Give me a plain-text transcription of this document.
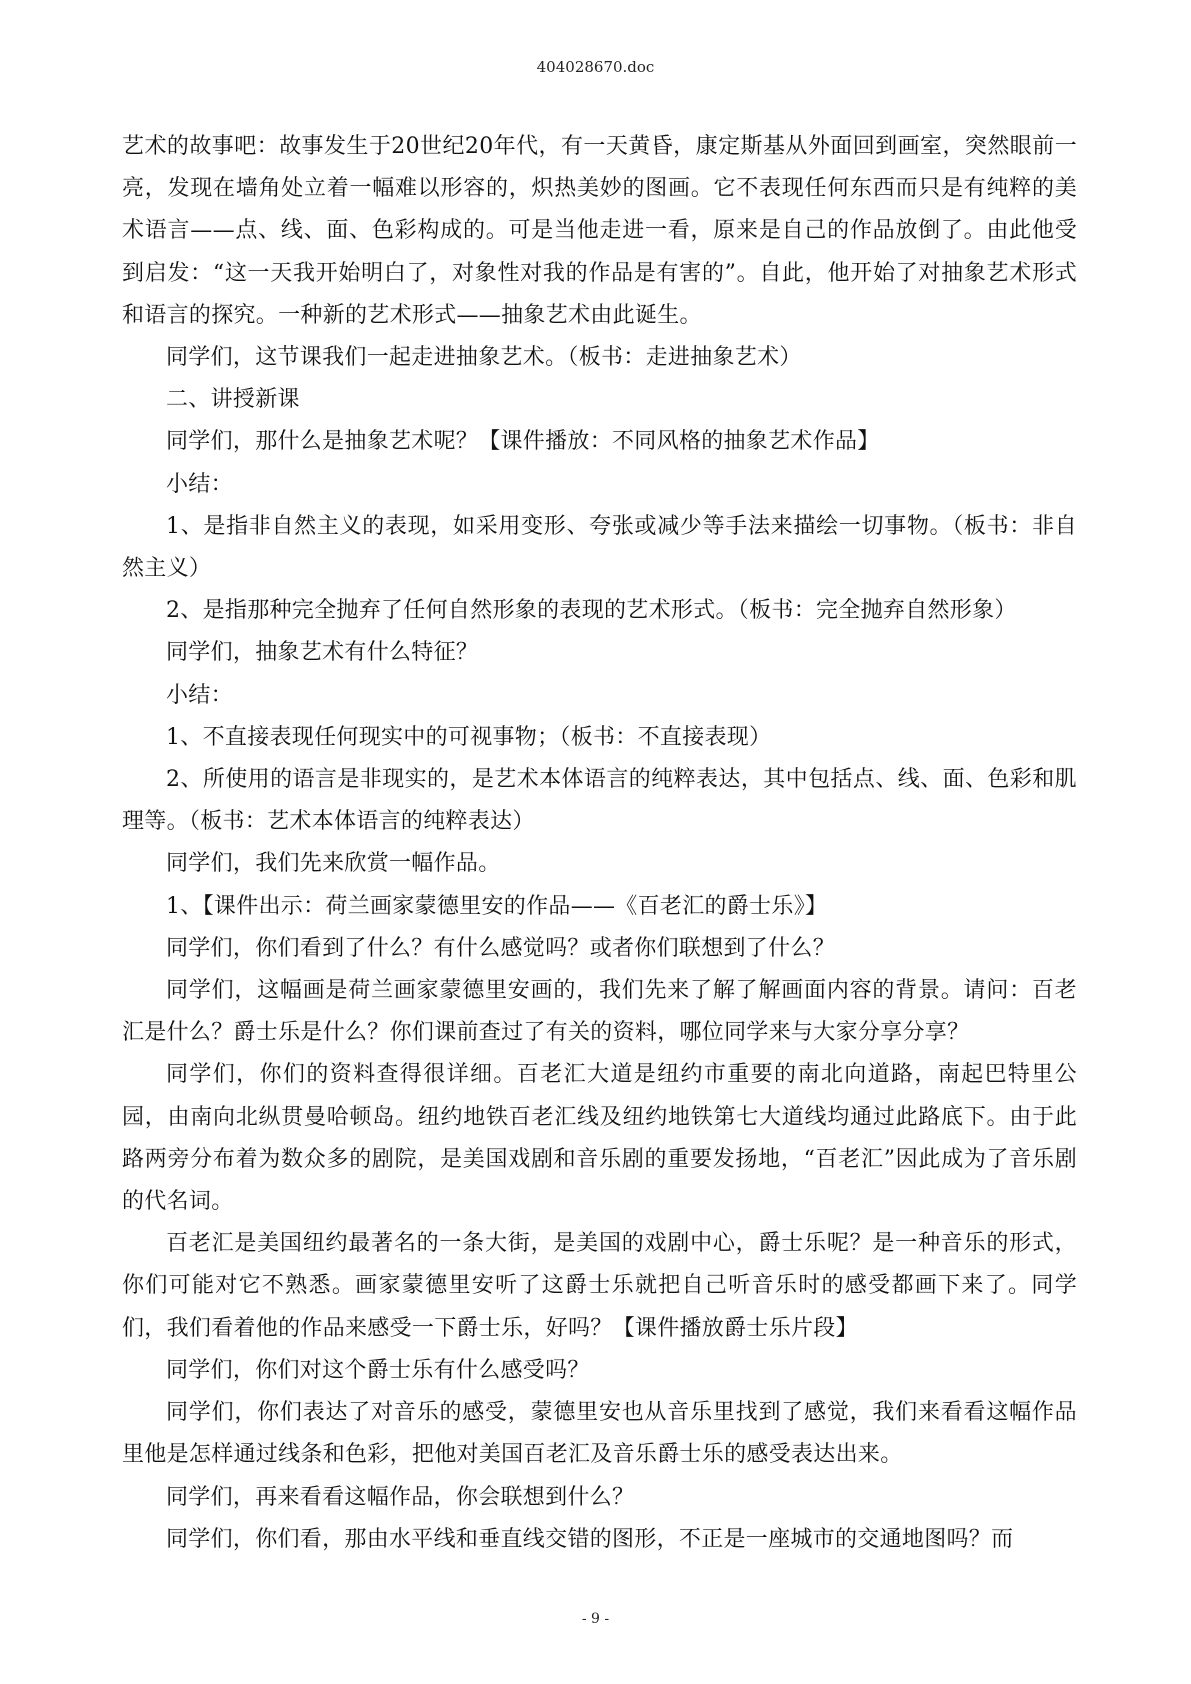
404028670.doc

艺术的故事吧：故事发生于20世纪20年代，有一天黄昏，康定斯基从外面回到画室，突然眼前一亮，发现在墙角处立着一幅难以形容的，炽热美妙的图画。它不表现任何东西而只是有纯粹的美术语言——点、线、面、色彩构成的。可是当他走进一看，原来是自己的作品放倒了。由此他受到启发：“这一天我开始明白了，对象性对我的作品是有害的”。自此，他开始了对抽象艺术形式和语言的探究。一种新的艺术形式——抽象艺术由此诞生。

同学们，这节课我们一起走进抽象艺术。（板书：走进抽象艺术）

二、讲授新课

同学们，那什么是抽象艺术呢？【课件播放：不同风格的抽象艺术作品】

小结：

1、是指非自然主义的表现，如采用变形、夸张或减少等手法来描绘一切事物。（板书：非自然主义）

2、是指那种完全抛弃了任何自然形象的表现的艺术形式。（板书：完全抛弃自然形象）

同学们，抽象艺术有什么特征？

小结：

1、不直接表现任何现实中的可视事物；（板书：不直接表现）

2、所使用的语言是非现实的，是艺术本体语言的纯粹表达，其中包括点、线、面、色彩和肌理等。（板书：艺术本体语言的纯粹表达）

同学们，我们先来欣赏一幅作品。

1、【课件出示：荷兰画家蒙德里安的作品——《百老汇的爵士乐》】

同学们，你们看到了什么？有什么感觉吗？或者你们联想到了什么？

同学们，这幅画是荷兰画家蒙德里安画的，我们先来了解了解画面内容的背景。请问：百老汇是什么？爵士乐是什么？你们课前查过了有关的资料，哪位同学来与大家分享分享？

同学们，你们的资料查得很详细。百老汇大道是纽约市重要的南北向道路，南起巴特里公园，由南向北纵贯曼哈顿岛。纽约地铁百老汇线及纽约地铁第七大道线均通过此路底下。由于此路两旁分布着为数众多的剧院，是美国戏剧和音乐剧的重要发扬地，“百老汇”因此成为了音乐剧的代名词。

百老汇是美国纽约最著名的一条大街，是美国的戏剧中心，爵士乐呢？是一种音乐的形式，你们可能对它不熟悉。画家蒙德里安听了这爵士乐就把自己听音乐时的感受都画下来了。同学们，我们看着他的作品来感受一下爵士乐，好吗？【课件播放爵士乐片段】

同学们，你们对这个爵士乐有什么感受吗？

同学们，你们表达了对音乐的感受，蒙德里安也从音乐里找到了感觉，我们来看看这幅作品里他是怎样通过线条和色彩，把他对美国百老汇及音乐爵士乐的感受表达出来。

同学们，再来看看这幅作品，你会联想到什么？

同学们，你们看，那由水平线和垂直线交错的图形，不正是一座城市的交通地图吗？而

- 9 -
